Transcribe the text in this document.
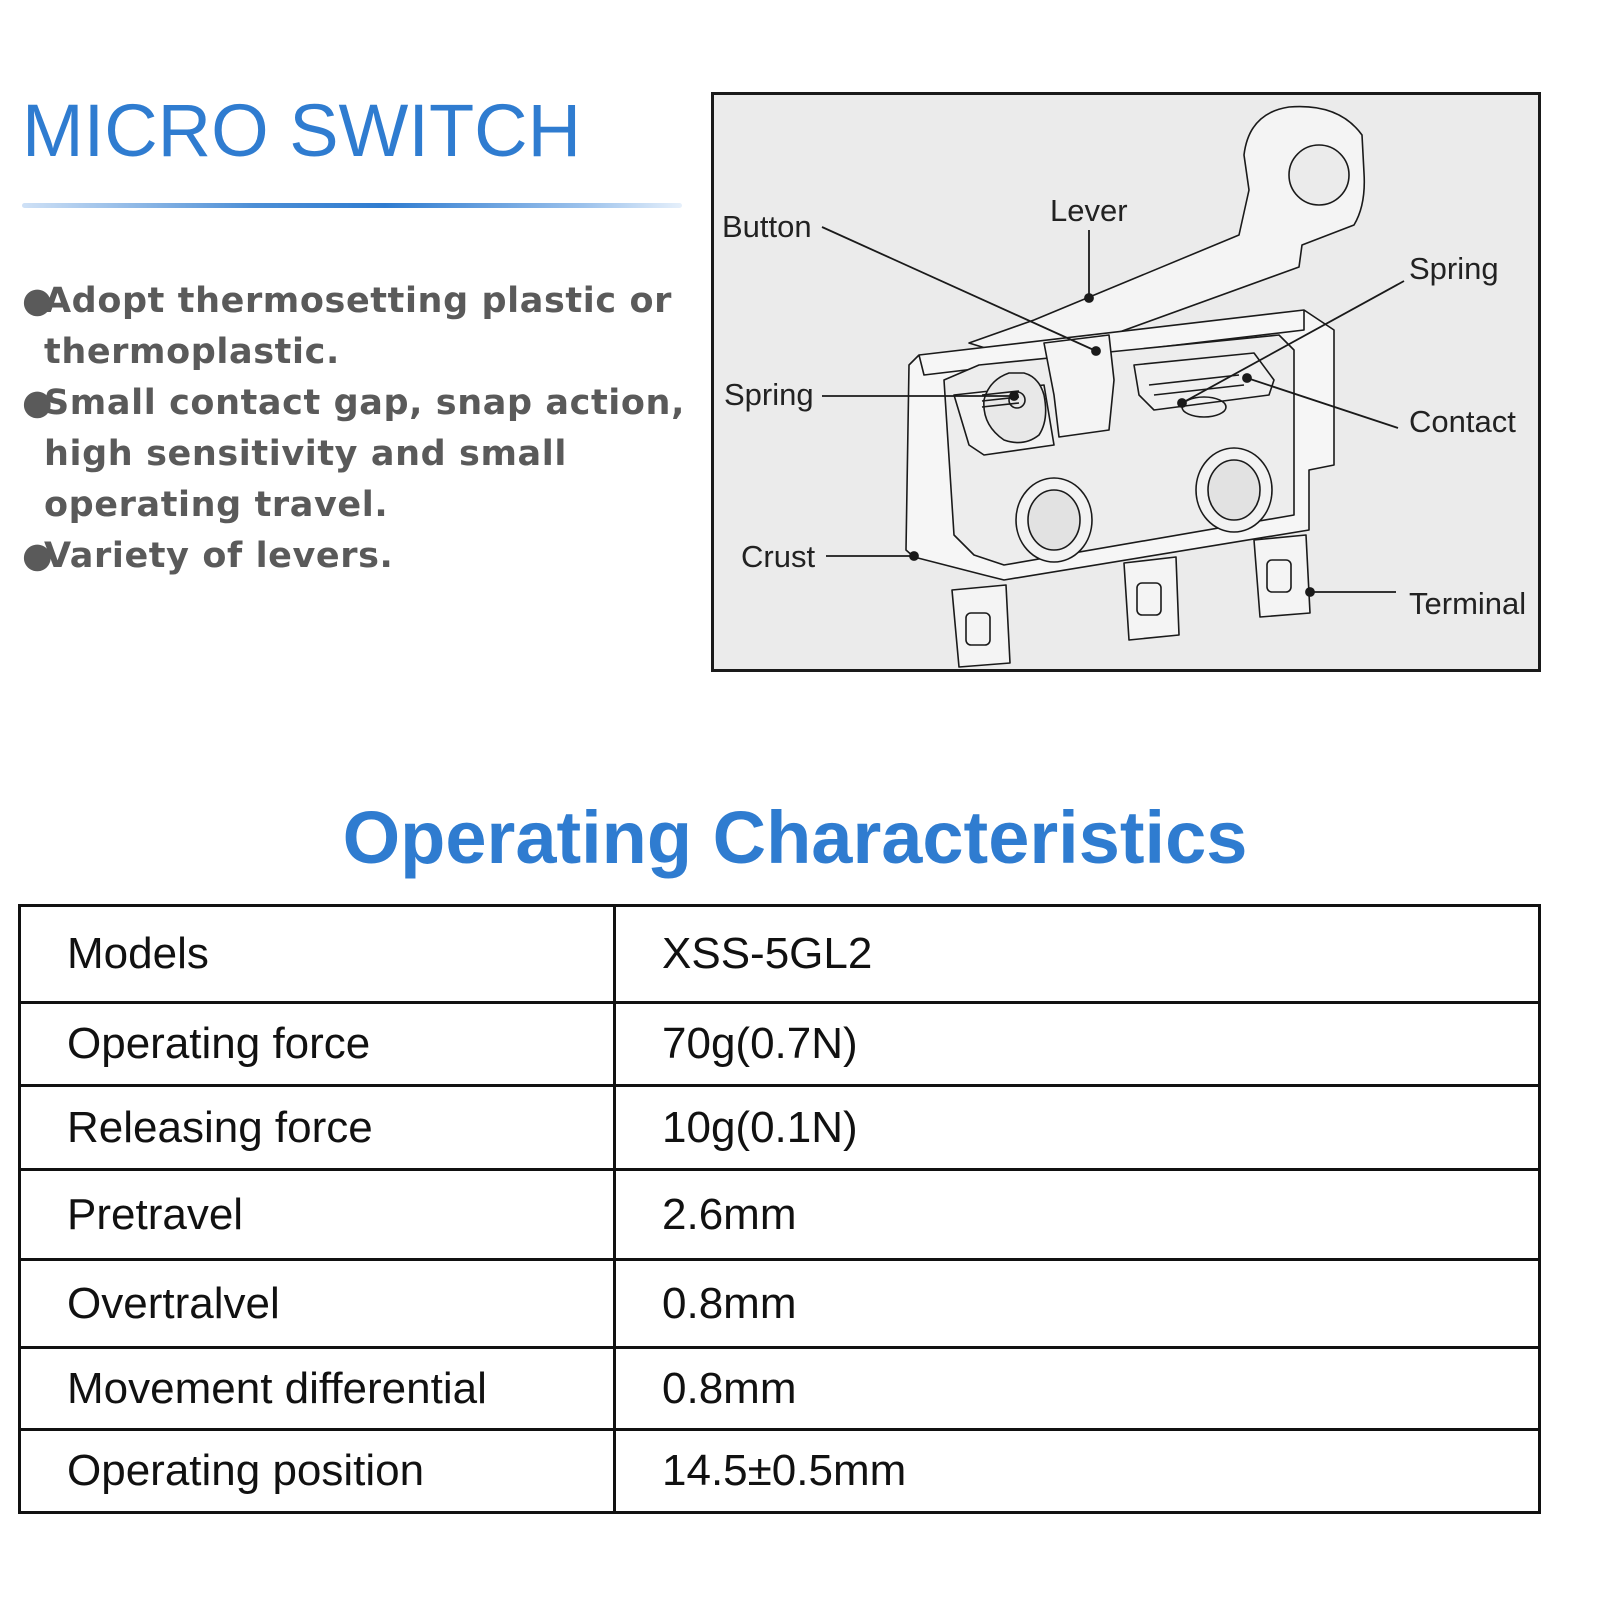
MICRO SWITCH
●
Adopt thermosetting plastic or thermoplastic.
●
Small contact gap, snap action, high sensitivity and small operating travel.
●
Variety of levers.
Button	Lever
Spring
Spring
Contact
Crust
Terminal
Operating Characteristics
Models	XSS-5GL2
Operating force	70g(0.7N)
Releasing force	10g(0.1N)
Pretravel	2.6mm
Overtralvel	0.8mm
Movement differential	0.8mm
Operating position	14.5±0.5mm
